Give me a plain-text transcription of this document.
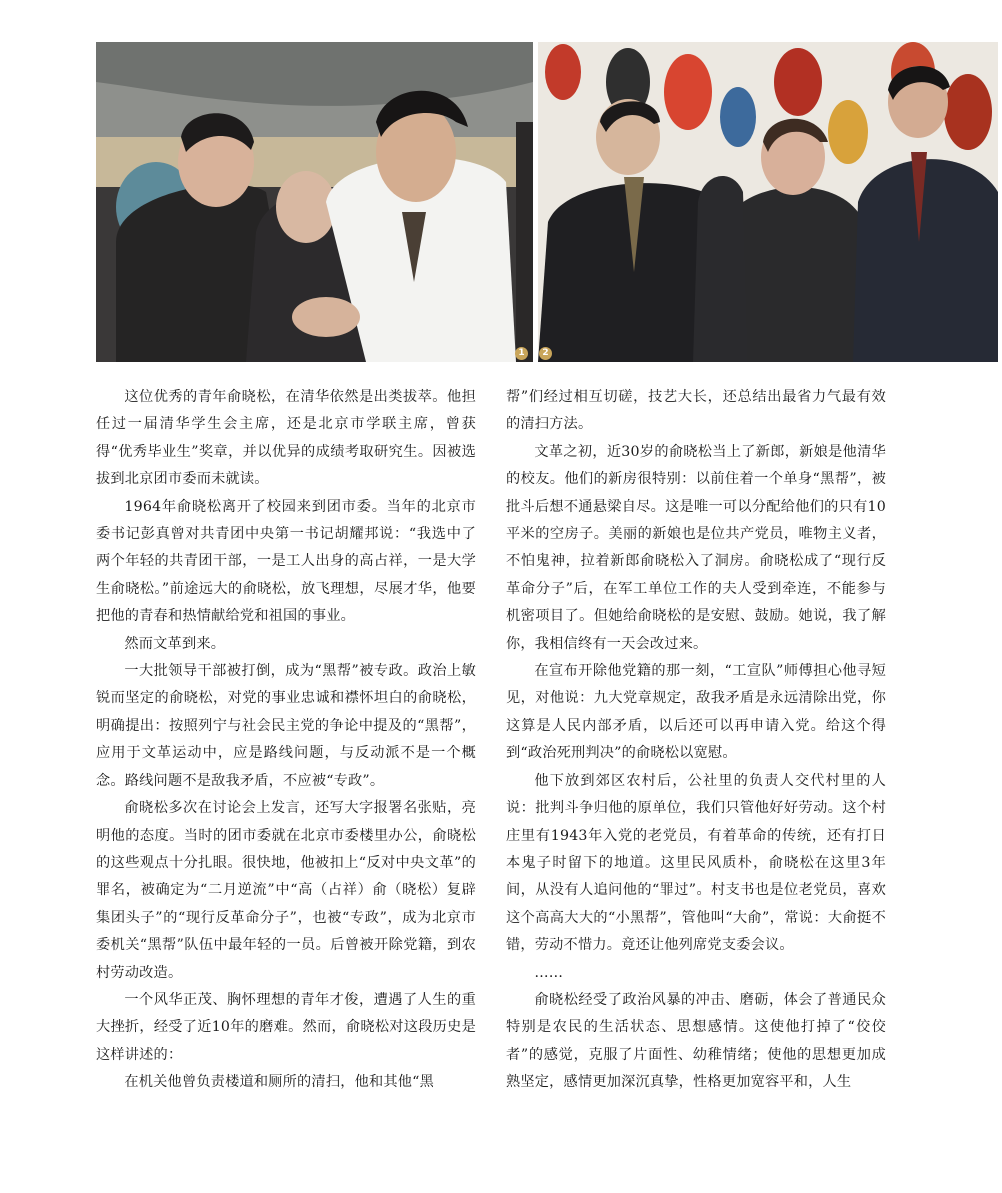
1	2

这位优秀的青年俞晓松，在清华依然是出类拔萃。他担任过一届清华学生会主席，还是北京市学联主席，曾获得“优秀毕业生”奖章，并以优异的成绩考取研究生。因被选拔到北京团市委而未就读。

1964年俞晓松离开了校园来到团市委。当年的北京市委书记彭真曾对共青团中央第一书记胡耀邦说：“我选中了两个年轻的共青团干部，一是工人出身的高占祥，一是大学生俞晓松。”前途远大的俞晓松，放飞理想，尽展才华，他要把他的青春和热情献给党和祖国的事业。

然而文革到来。

一大批领导干部被打倒，成为“黑帮”被专政。政治上敏锐而坚定的俞晓松，对党的事业忠诚和襟怀坦白的俞晓松，明确提出：按照列宁与社会民主党的争论中提及的“黑帮”，应用于文革运动中，应是路线问题，与反动派不是一个概念。路线问题不是敌我矛盾，不应被“专政”。

俞晓松多次在讨论会上发言，还写大字报署名张贴，亮明他的态度。当时的团市委就在北京市委楼里办公，俞晓松的这些观点十分扎眼。很快地，他被扣上“反对中央文革”的罪名，被确定为“二月逆流”中“高（占祥）俞（晓松）复辟集团头子”的“现行反革命分子”，也被“专政”，成为北京市委机关“黑帮”队伍中最年轻的一员。后曾被开除党籍，到农村劳动改造。

一个风华正茂、胸怀理想的青年才俊，遭遇了人生的重大挫折，经受了近10年的磨难。然而，俞晓松对这段历史是这样讲述的：

在机关他曾负责楼道和厕所的清扫，他和其他“黑

帮”们经过相互切磋，技艺大长，还总结出最省力气最有效的清扫方法。

文革之初，近30岁的俞晓松当上了新郎，新娘是他清华的校友。他们的新房很特别：以前住着一个单身“黑帮”，被批斗后想不通悬梁自尽。这是唯一可以分配给他们的只有10平米的空房子。美丽的新娘也是位共产党员，唯物主义者，不怕鬼神，拉着新郎俞晓松入了洞房。俞晓松成了“现行反革命分子”后，在军工单位工作的夫人受到牵连，不能参与机密项目了。但她给俞晓松的是安慰、鼓励。她说，我了解你，我相信终有一天会改过来。

在宣布开除他党籍的那一刻，“工宣队”师傅担心他寻短见，对他说：九大党章规定，敌我矛盾是永远清除出党，你这算是人民内部矛盾，以后还可以再申请入党。给这个得到“政治死刑判决”的俞晓松以宽慰。

他下放到郊区农村后，公社里的负责人交代村里的人说：批判斗争归他的原单位，我们只管他好好劳动。这个村庄里有1943年入党的老党员，有着革命的传统，还有打日本鬼子时留下的地道。这里民风质朴，俞晓松在这里3年间，从没有人追问他的“罪过”。村支书也是位老党员，喜欢这个高高大大的“小黑帮”，管他叫“大俞”，常说：大俞挺不错，劳动不惜力。竟还让他列席党支委会议。

……

俞晓松经受了政治风暴的冲击、磨砺，体会了普通民众特别是农民的生活状态、思想感情。这使他打掉了“佼佼者”的感觉，克服了片面性、幼稚情绪；使他的思想更加成熟坚定，感情更加深沉真挚，性格更加宽容平和，人生
